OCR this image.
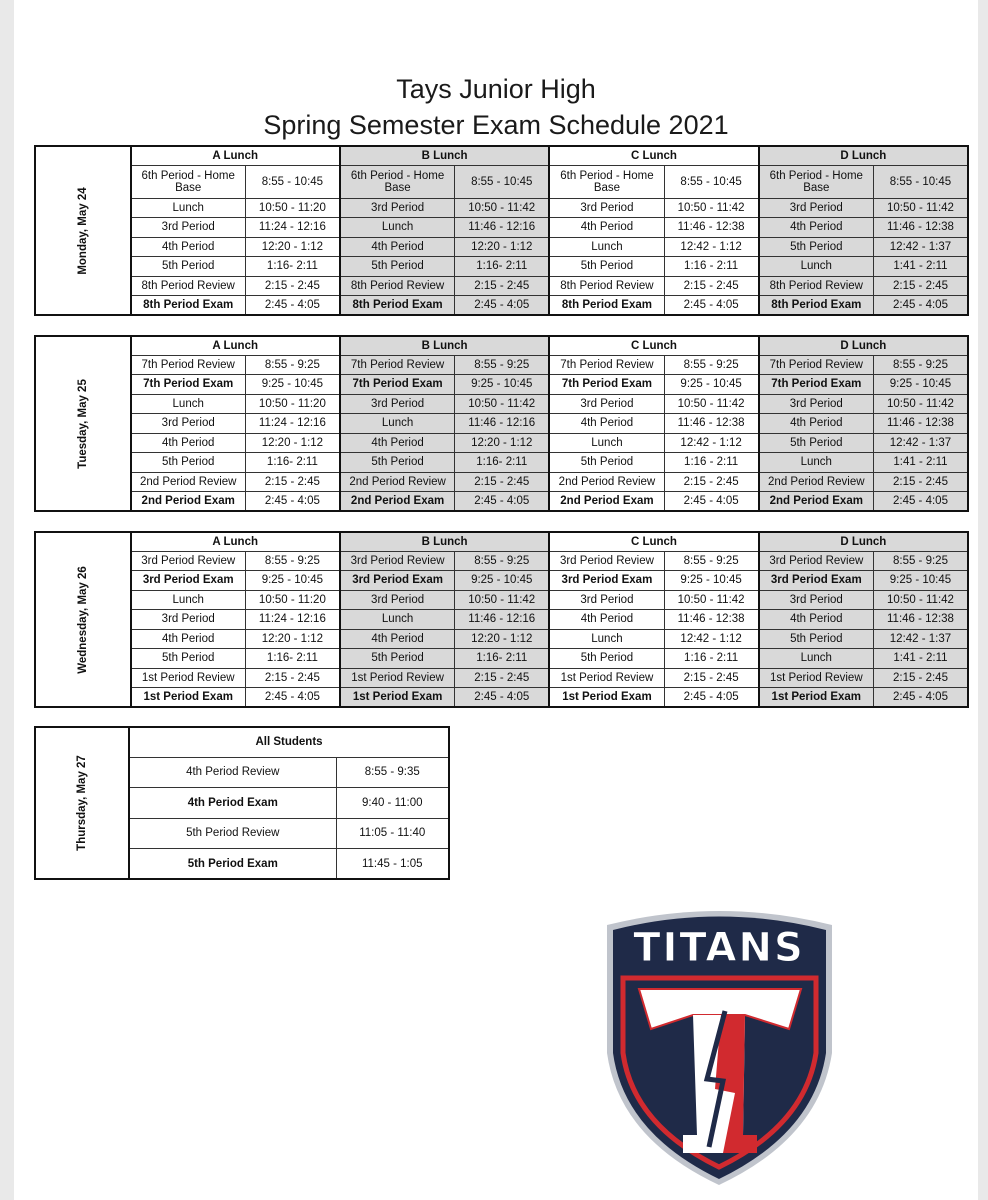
Tays Junior High
Spring Semester Exam Schedule 2021
Monday, May 24	A Lunch		B Lunch		C Lunch		D Lunch	
	6th Period - Home Base	8:55 - 10:45	6th Period - Home Base	8:55 - 10:45	6th Period - Home Base	8:55 - 10:45	6th Period - Home Base	8:55 - 10:45
	Lunch	10:50 - 11:20	3rd Period	10:50 - 11:42	3rd Period	10:50 - 11:42	3rd Period	10:50 - 11:42
	3rd Period	11:24 - 12:16	Lunch	11:46 - 12:16	4th Period	11:46 - 12:38	4th Period	11:46 - 12:38
	4th Period	12:20 - 1:12	4th Period	12:20 - 1:12	Lunch	12:42 - 1:12	5th Period	12:42 - 1:37
	5th Period	1:16- 2:11	5th Period	1:16- 2:11	5th Period	1:16 - 2:11	Lunch	1:41 - 2:11
	8th Period Review	2:15 - 2:45	8th Period Review	2:15 - 2:45	8th Period Review	2:15 - 2:45	8th Period Review	2:15 - 2:45
	8th Period Exam	2:45 - 4:05	8th Period Exam	2:45 - 4:05	8th Period Exam	2:45 - 4:05	8th Period Exam	2:45 - 4:05
Tuesday, May 25	A Lunch		B Lunch		C Lunch		D Lunch	
	7th Period Review	8:55 - 9:25	7th Period Review	8:55 - 9:25	7th Period Review	8:55 - 9:25	7th Period Review	8:55 - 9:25
	7th Period Exam	9:25 - 10:45	7th Period Exam	9:25 - 10:45	7th Period Exam	9:25 - 10:45	7th Period Exam	9:25 - 10:45
	Lunch	10:50 - 11:20	3rd Period	10:50 - 11:42	3rd Period	10:50 - 11:42	3rd Period	10:50 - 11:42
	3rd Period	11:24 - 12:16	Lunch	11:46 - 12:16	4th Period	11:46 - 12:38	4th Period	11:46 - 12:38
	4th Period	12:20 - 1:12	4th Period	12:20 - 1:12	Lunch	12:42 - 1:12	5th Period	12:42 - 1:37
	5th Period	1:16- 2:11	5th Period	1:16- 2:11	5th Period	1:16 - 2:11	Lunch	1:41 - 2:11
	2nd Period Review	2:15 - 2:45	2nd Period Review	2:15 - 2:45	2nd Period Review	2:15 - 2:45	2nd Period Review	2:15 - 2:45
	2nd Period Exam	2:45 - 4:05	2nd Period Exam	2:45 - 4:05	2nd Period Exam	2:45 - 4:05	2nd Period Exam	2:45 - 4:05
Wednesday, May 26	A Lunch		B Lunch		C Lunch		D Lunch	
	3rd Period Review	8:55 - 9:25	3rd Period Review	8:55 - 9:25	3rd Period Review	8:55 - 9:25	3rd Period Review	8:55 - 9:25
	3rd Period Exam	9:25 - 10:45	3rd Period Exam	9:25 - 10:45	3rd Period Exam	9:25 - 10:45	3rd Period Exam	9:25 - 10:45
	Lunch	10:50 - 11:20	3rd Period	10:50 - 11:42	3rd Period	10:50 - 11:42	3rd Period	10:50 - 11:42
	3rd Period	11:24 - 12:16	Lunch	11:46 - 12:16	4th Period	11:46 - 12:38	4th Period	11:46 - 12:38
	4th Period	12:20 - 1:12	4th Period	12:20 - 1:12	Lunch	12:42 - 1:12	5th Period	12:42 - 1:37
	5th Period	1:16- 2:11	5th Period	1:16- 2:11	5th Period	1:16 - 2:11	Lunch	1:41 - 2:11
	1st Period Review	2:15 - 2:45	1st Period Review	2:15 - 2:45	1st Period Review	2:15 - 2:45	1st Period Review	2:15 - 2:45
	1st Period Exam	2:45 - 4:05	1st Period Exam	2:45 - 4:05	1st Period Exam	2:45 - 4:05	1st Period Exam	2:45 - 4:05
Thursday, May 27	All Students	
	4th Period Review	8:55 - 9:35
	4th Period Exam	9:40 - 11:00
	5th Period Review	11:05 - 11:40
	5th Period Exam	11:45 - 1:05
TITANS
